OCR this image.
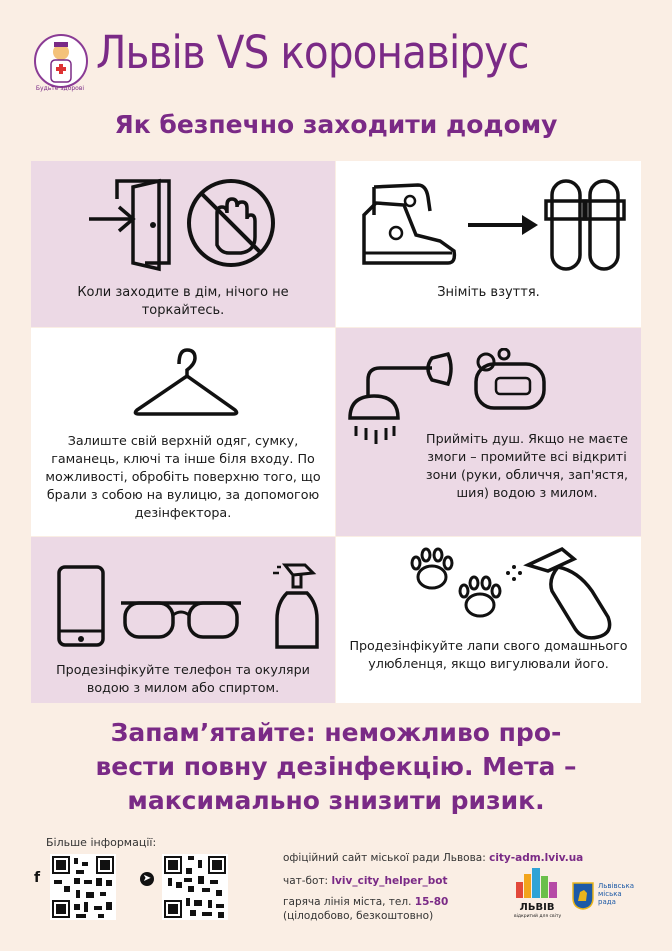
Будьте здорові
Львів VS коронавірус
Як безпечно заходити додому
Коли заходите в дім, нічого не торкайтесь.
Зніміть взуття.
Залиште свій верхній одяг, сумку, гаманець, ключі та інше біля входу. По можливості, обробіть поверхню того, що брали з собою на вулицю, за допомогою дезінфектора.
Прийміть душ. Якщо не маєте змоги – промийте всі відкриті зони (руки, обличчя, зап'ястя, шия) водою з милом.
Продезінфікуйте телефон та окуляри водою з милом або спиртом.
Продезінфікуйте лапи свого домашнього улюбленця, якщо вигулювали його.
Запам’ятайте: неможливо про-
вести повну дезінфекцію. Мета –
максимально знизити ризик.
Більше інформації:
f	➤
офіційний сайт міської ради Львова: city-adm.lviv.ua
чат-бот: lviv_city_helper_bot
гаряча лінія міста, тел. 15-80
(цілодобово, безкоштовно)
ЛЬВІВ
відкритий для світу
Львівська
міська
рада
